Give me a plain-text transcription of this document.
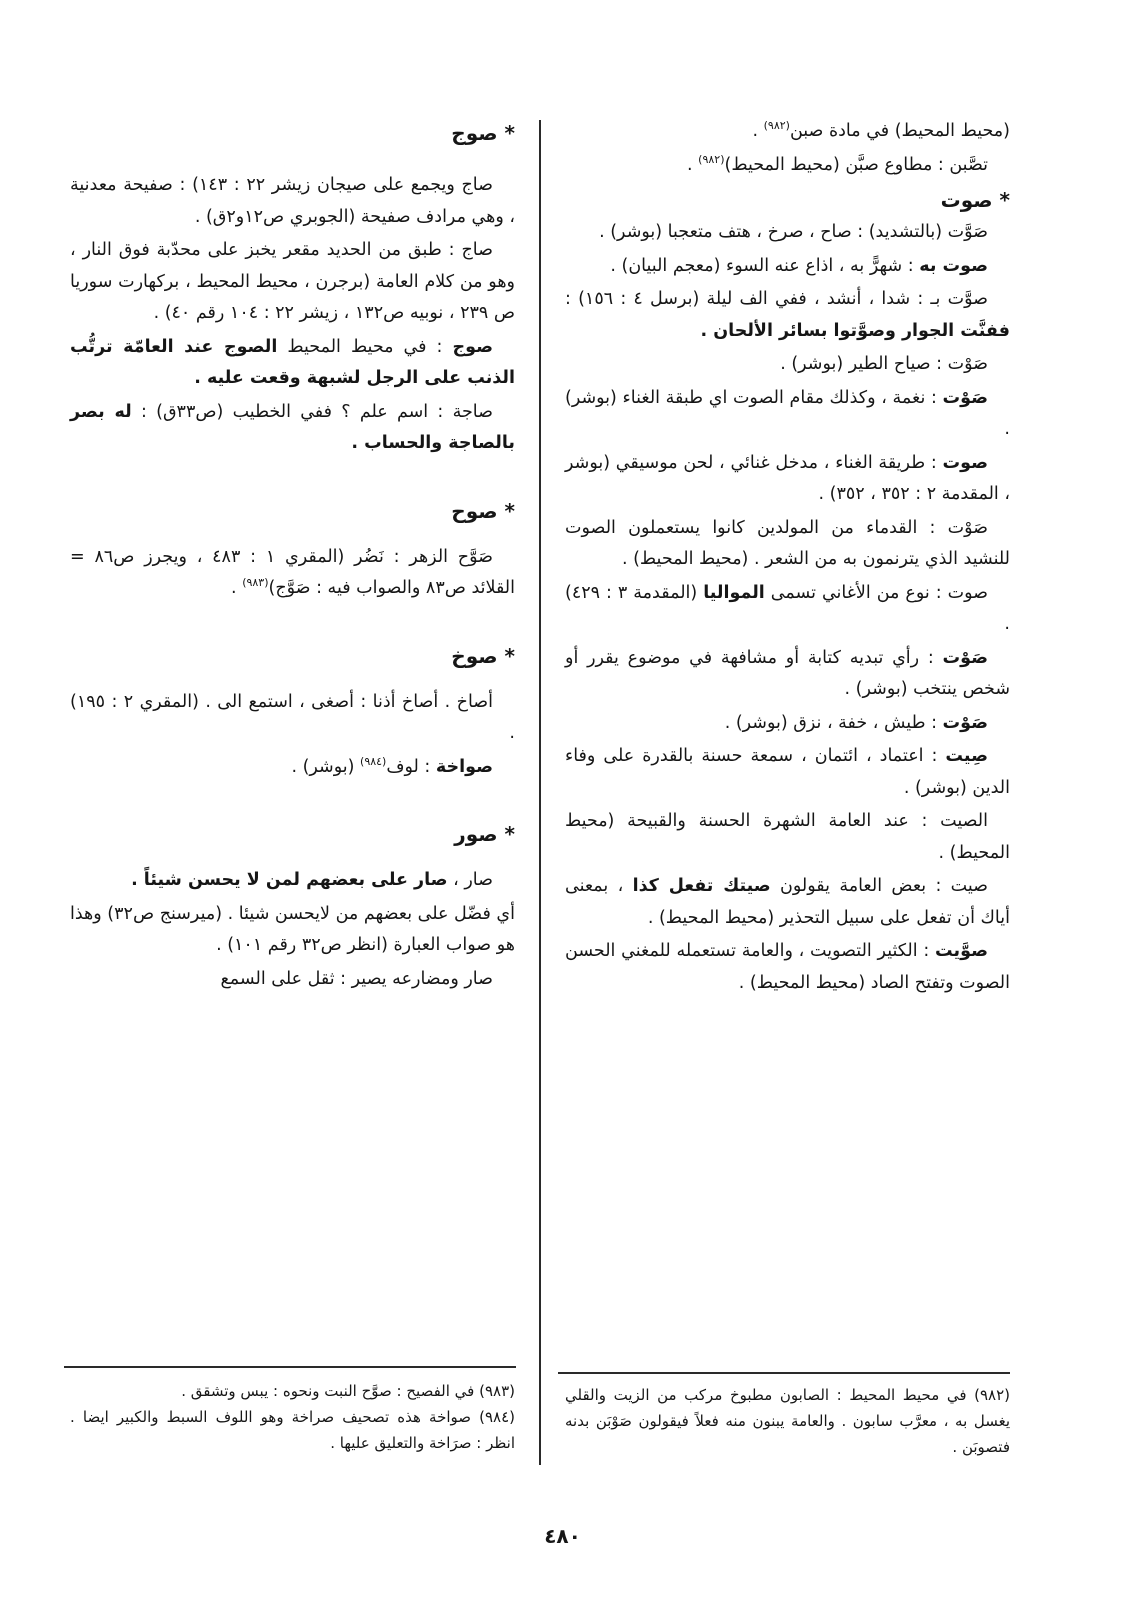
(محيط المحيط) في مادة صبن$^{(٩٨٢)}$ .

تصَّبن : مطاوع صبَّن (محيط المحيط)$^{(٩٨٢)}$ .

* صوت

صَوَّت (بالتشديد) : صاح ، صرخ ، هتف متعجبا (بوشر) .

صوت به : شهرًّ به ، اذاع عنه السوء (معجم البيان) .

صوَّت بـ : شدا ، أنشد ، ففي الف ليلة (برسل ٤ : ١٥٦) : ففنَّت الجوار وصوَّتوا بسائر الألحان .

صَوْت : صياح الطير (بوشر) .

صَوْت : نغمة ، وكذلك مقام الصوت اي طبقة الغناء (بوشر) .

صوت : طريقة الغناء ، مدخل غنائي ، لحن موسيقي (بوشر ، المقدمة ٢ : ٣٥٢ ، ٣٥٢) .

صَوْت : القدماء من المولدين كانوا يستعملون الصوت للنشيد الذي يترنمون به من الشعر . (محيط المحيط) .

صوت : نوع من الأغاني تسمى المواليا (المقدمة ٣ : ٤٢٩) .

صَوْت : رأي تبديه كتابة أو مشافهة في موضوع يقرر أو شخص ينتخب (بوشر) .

صَوْت : طيش ، خفة ، نزق (بوشر) .

صِيت : اعتماد ، ائتمان ، سمعة حسنة بالقدرة على وفاء الدين (بوشر) .

الصيت : عند العامة الشهرة الحسنة والقبيحة (محيط المحيط) .

صيت : بعض العامة يقولون صيتك تفعل كذا ، بمعنى أياك أن تفعل على سبيل التحذير (محيط المحيط) .

صوَّيت : الكثير التصويت ، والعامة تستعمله للمغني الحسن الصوت وتفتح الصاد (محيط المحيط) .

* صوج

صاج ويجمع على صيجان زيشر ٢٢ : ١٤٣) : صفيحة معدنية ، وهي مرادف صفيحة (الجوبري ص١٢و٢ق) .

صاج : طبق من الحديد مقعر يخبز على محدّبة فوق النار ، وهو من كلام العامة (برجرن ، محيط المحيط ، بركهارت سوريا ص ٢٣٩ ، نوبيه ص١٣٢ ، زيشر ٢٢ : ١٠٤ رقم ٤٠) .

صوج : في محيط المحيط الصوج عند العامّة ترتُّب الذنب على الرجل لشبهة وقعت عليه .

صاجة : اسم علم ؟ ففي الخطيب (ص٣٣ق) : له بصر بالصاجة والحساب .

* صوح

صَوَّح الزهر : نَضُر (المقري ١ : ٤٨٣ ، ويجرز ص٨٦ = القلائد ص٨٣ والصواب فيه : صَوَّج)$^{(٩٨٣)}$ .

* صوخ

أصاخ . أصاخ أذنا : أصغى ، استمع الى . (المقري ٢ : ١٩٥) .

صواخة : لوف$^{(٩٨٤)}$ (بوشر) .

* صور

صار ، صار على بعضهم لمن لا يحسن شيئاً .

أي فضّل على بعضهم من لايحسن شيئا . (ميرسنج ص٣٢) وهذا هو صواب العبارة (انظر ص٣٢ رقم ١٠١) .

صار ومضارعه يصير : ثقل على السمع

(٩٨٢) في محيط المحيط : الصابون مطبوخ مركب من الزيت والقلي يغسل به ، معرَّب سابون . والعامة يبنون منه فعلاً فيقولون صَوْبَن بدنه فتصوبَن .

(٩٨٣) في الفصيح : صوَّح النبت ونحوه : يبس وتشقق .

(٩٨٤) صواخة هذه تصحيف صراخة وهو اللوف السبط والكبير ايضا . انظر : صرَاخة والتعليق عليها .

٤٨٠
